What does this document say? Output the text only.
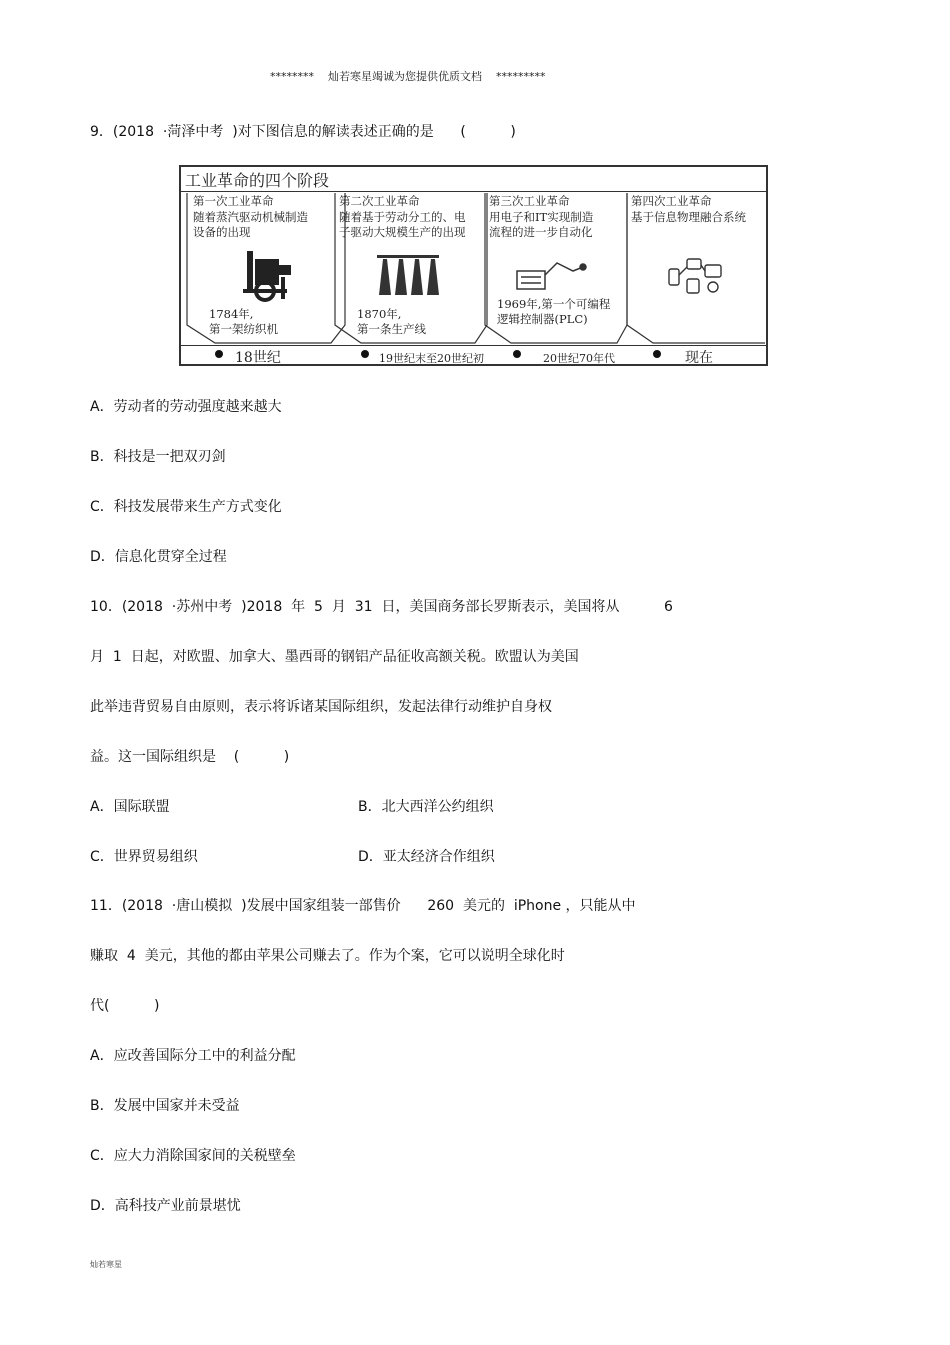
********    灿若寒星竭诚为您提供优质文档    *********
9．(2018  ·菏泽中考  )对下图信息的解读表述正确的是      (          )
工业革命的四个阶段
第一次工业革命
随着蒸汽驱动机械制造
设备的出现
1784年,
第一架纺织机
第二次工业革命
随着基于劳动分工的、电
子驱动大规模生产的出现
1870年,
第一条生产线
第三次工业革命
用电子和IT实现制造
流程的进一步自动化
1969年,第一个可编程
逻辑控制器(PLC)
第四次工业革命
基于信息物理融合系统
18世纪	19世纪末至20世纪初	20世纪70年代	现在
A．劳动者的劳动强度越来越大
B．科技是一把双刃剑
C．科技发展带来生产方式变化
D．信息化贯穿全过程
10．(2018  ·苏州中考  )2018  年  5  月  31  日，美国商务部长罗斯表示，美国将从          6
月  1  日起，对欧盟、加拿大、墨西哥的钢铝产品征收高额关税。欧盟认为美国
此举违背贸易自由原则，表示将诉诸某国际组织，发起法律行动维护自身权
益。这一国际组织是    (          )
A．国际联盟	B．北大西洋公约组织
C．世界贸易组织	D．亚太经济合作组织
11．(2018  ·唐山模拟  )发展中国家组装一部售价      260  美元的  iPhone ，只能从中
赚取  4  美元，其他的都由苹果公司赚去了。作为个案，它可以说明全球化时
代(          )
A．应改善国际分工中的利益分配
B．发展中国家并未受益
C．应大力消除国家间的关税壁垒
D．高科技产业前景堪忧
灿若寒星
